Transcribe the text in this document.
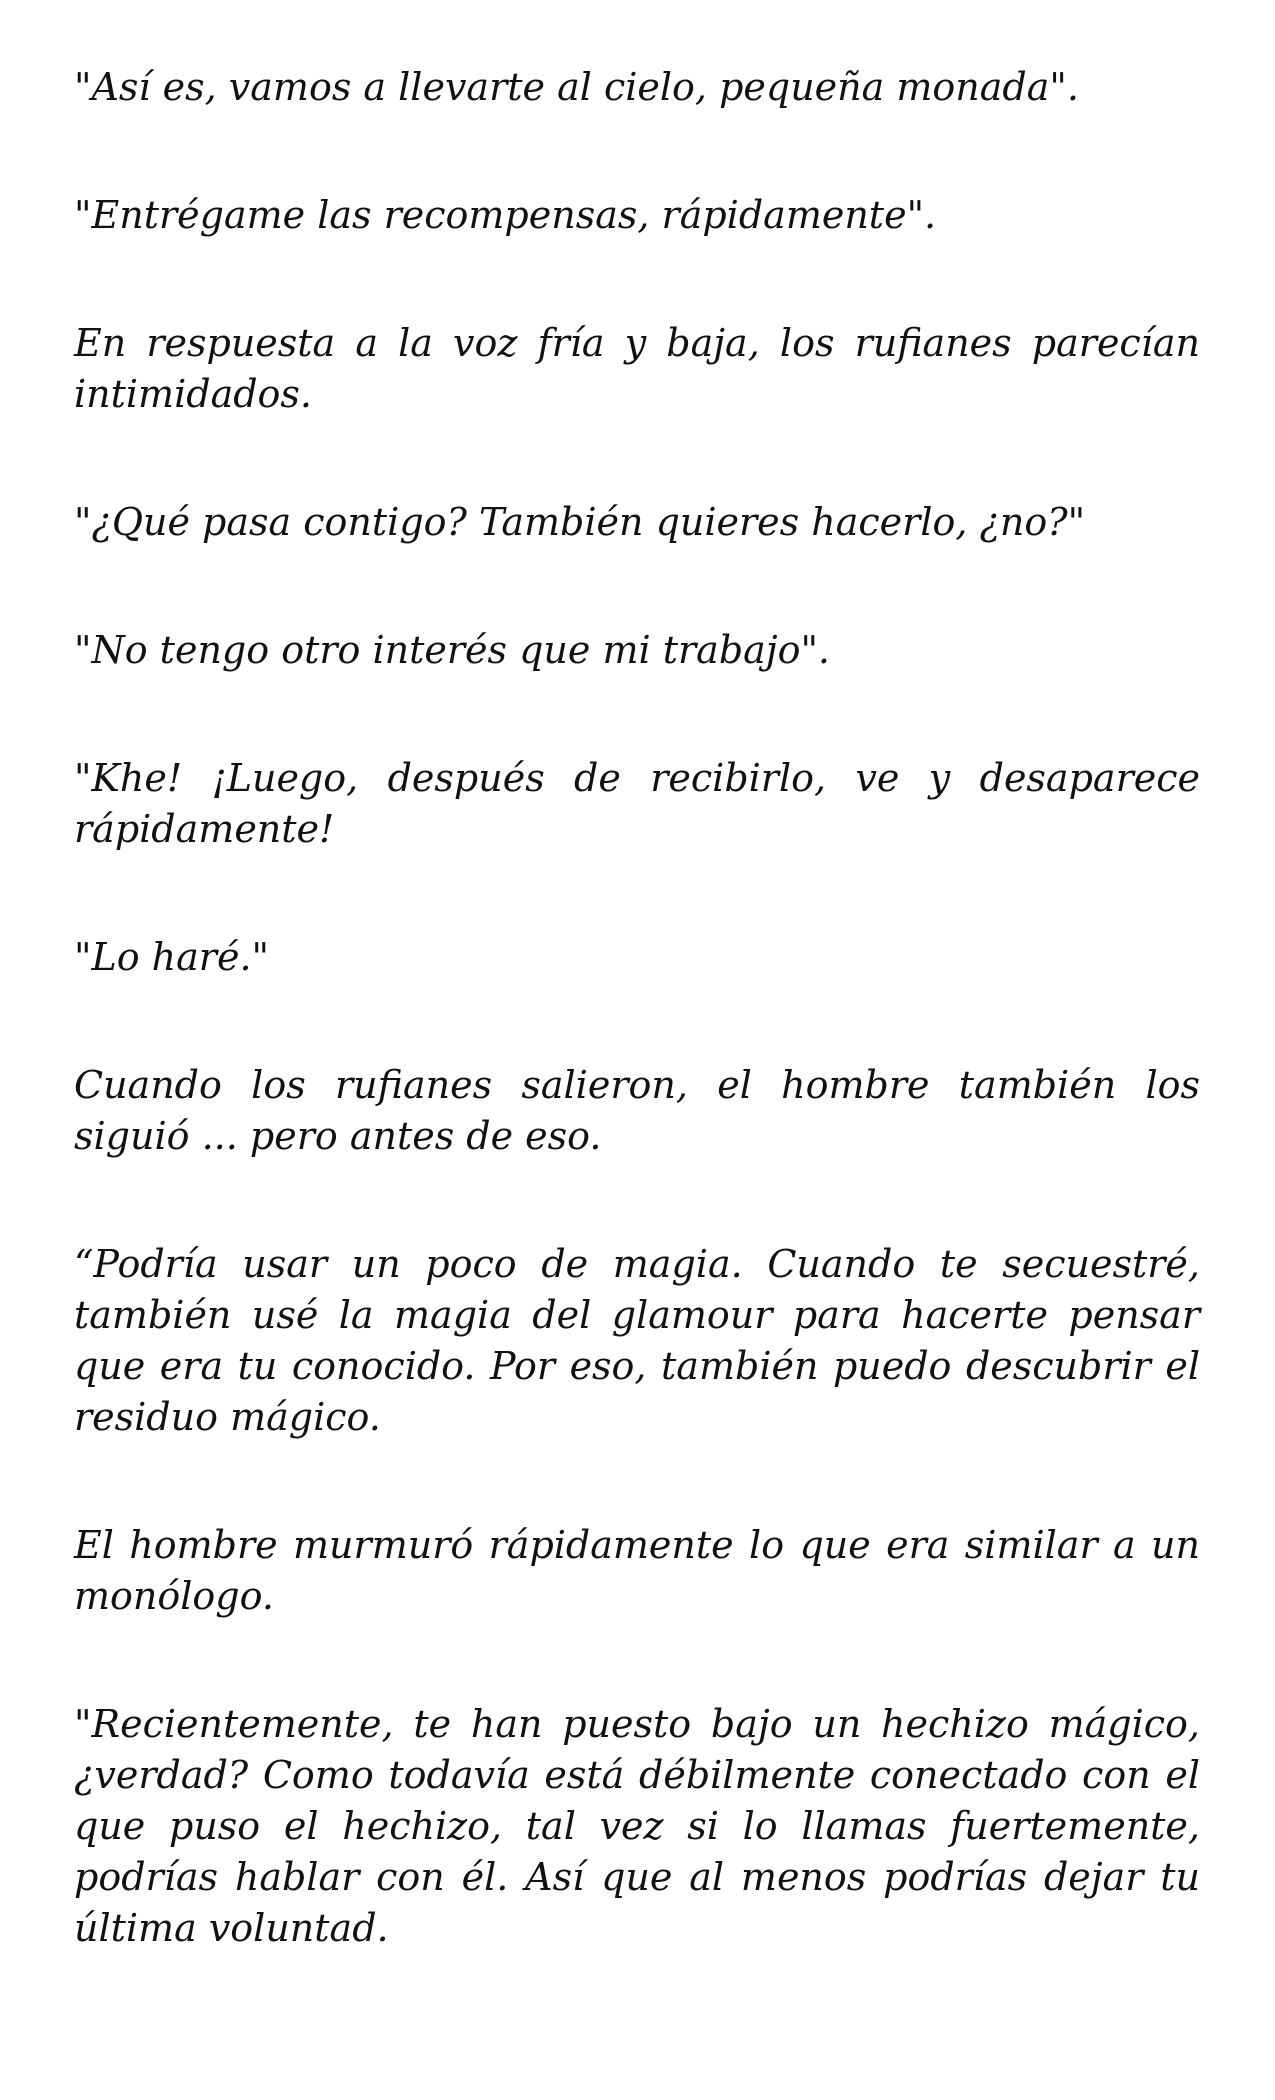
"Así es, vamos a llevarte al cielo, pequeña monada".

"Entrégame las recompensas, rápidamente".

En respuesta a la voz fría y baja, los rufianes parecían intimidados.

"¿Qué pasa contigo? También quieres hacerlo, ¿no?"

"No tengo otro interés que mi trabajo".

"Khe! ¡Luego, después de recibirlo, ve y desaparece rápidamente!

"Lo haré."

Cuando los rufianes salieron, el hombre también los siguió ... pero antes de eso.

“Podría usar un poco de magia. Cuando te secuestré, también usé la magia del glamour para hacerte pensar que era tu conocido. Por eso, también puedo descubrir el residuo mágico.

El hombre murmuró rápidamente lo que era similar a un monólogo.

"Recientemente, te han puesto bajo un hechizo mágico, ¿verdad? Como todavía está débilmente conectado con el que puso el hechizo, tal vez si lo llamas fuertemente, podrías hablar con él. Así que al menos podrías dejar tu última voluntad.
